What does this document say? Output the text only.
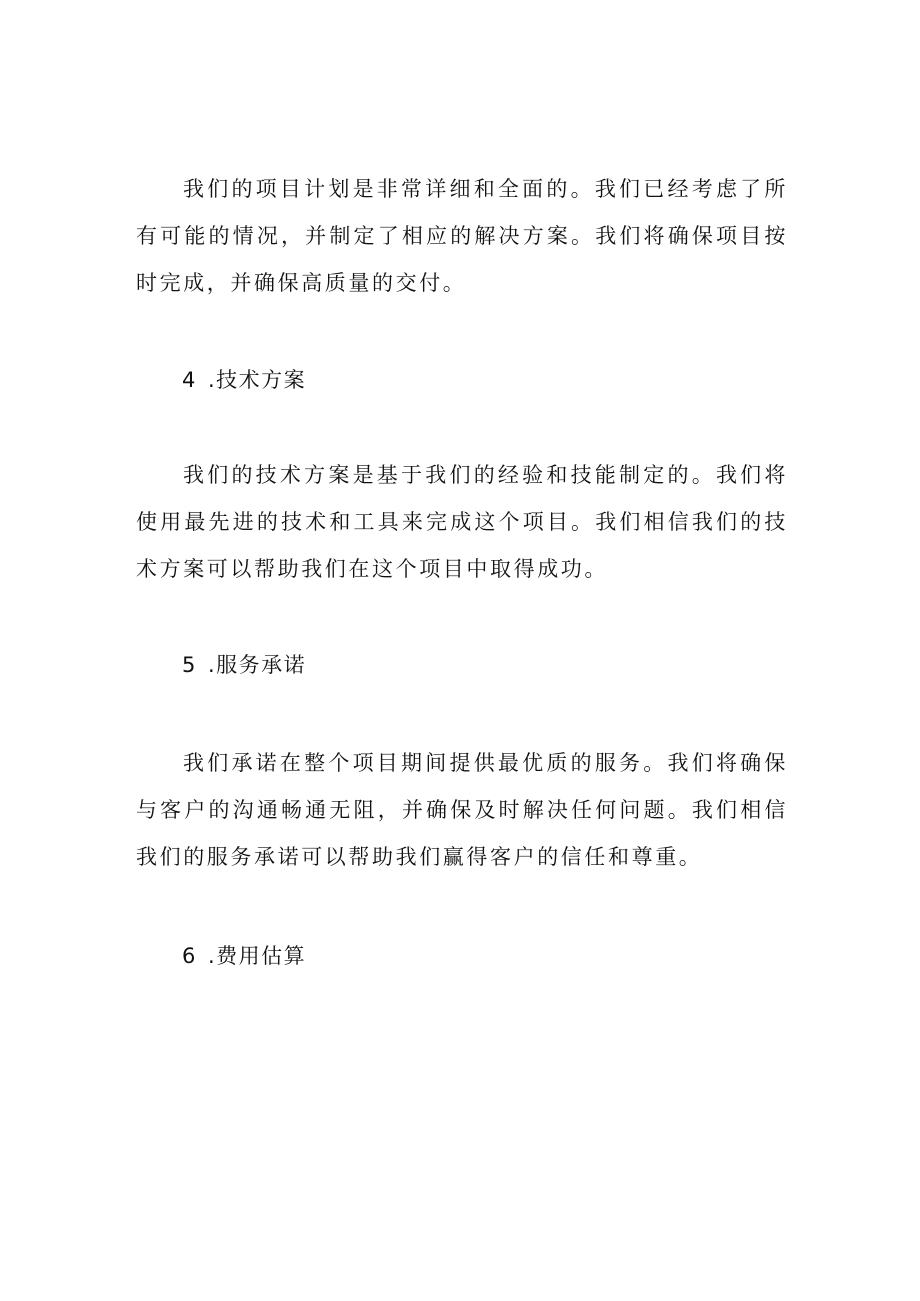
我们的项目计划是非常详细和全面的。我们已经考虑了所有可能的情况，并制定了相应的解决方案。我们将确保项目按时完成，并确保高质量的交付。

4 .技术方案

我们的技术方案是基于我们的经验和技能制定的。我们将使用最先进的技术和工具来完成这个项目。我们相信我们的技术方案可以帮助我们在这个项目中取得成功。

5 .服务承诺

我们承诺在整个项目期间提供最优质的服务。我们将确保与客户的沟通畅通无阻，并确保及时解决任何问题。我们相信我们的服务承诺可以帮助我们赢得客户的信任和尊重。

6 .费用估算
